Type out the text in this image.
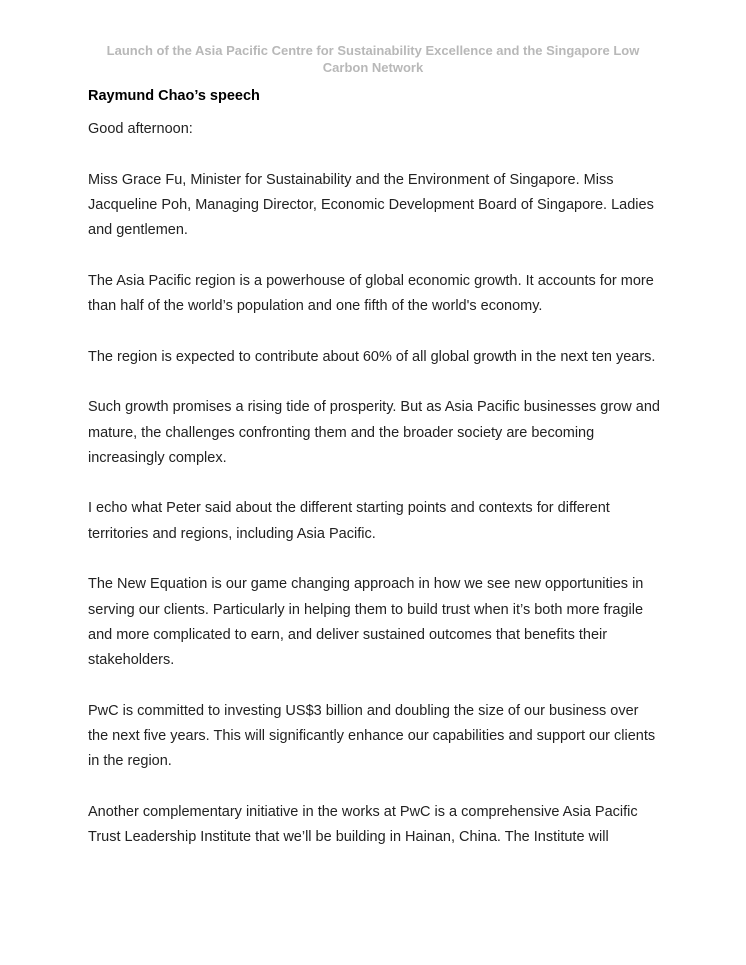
Launch of the Asia Pacific Centre for Sustainability Excellence and the Singapore Low
Carbon Network
Raymund Chao’s speech

Good afternoon:

Miss Grace Fu, Minister for Sustainability and the Environment of Singapore. Miss Jacqueline Poh, Managing Director, Economic Development Board of Singapore. Ladies and gentlemen.

The Asia Pacific region is a powerhouse of global economic growth. It accounts for more than half of the world’s population and one fifth of the world's economy.

The region is expected to contribute about 60% of all global growth in the next ten years.

Such growth promises a rising tide of prosperity. But as Asia Pacific businesses grow and mature, the challenges confronting them and the broader society are becoming increasingly complex.

I echo what Peter said about the different starting points and contexts for different territories and regions, including Asia Pacific.

The New Equation is our game changing approach in how we see new opportunities in serving our clients. Particularly in helping them to build trust when it’s both more fragile and more complicated to earn, and deliver sustained outcomes that benefits their stakeholders.

PwC is committed to investing US$3 billion and doubling the size of our business over the next five years. This will significantly enhance our capabilities and support our clients in the region.

Another complementary initiative in the works at PwC is a comprehensive Asia Pacific Trust Leadership Institute that we’ll be building in Hainan, China. The Institute will
